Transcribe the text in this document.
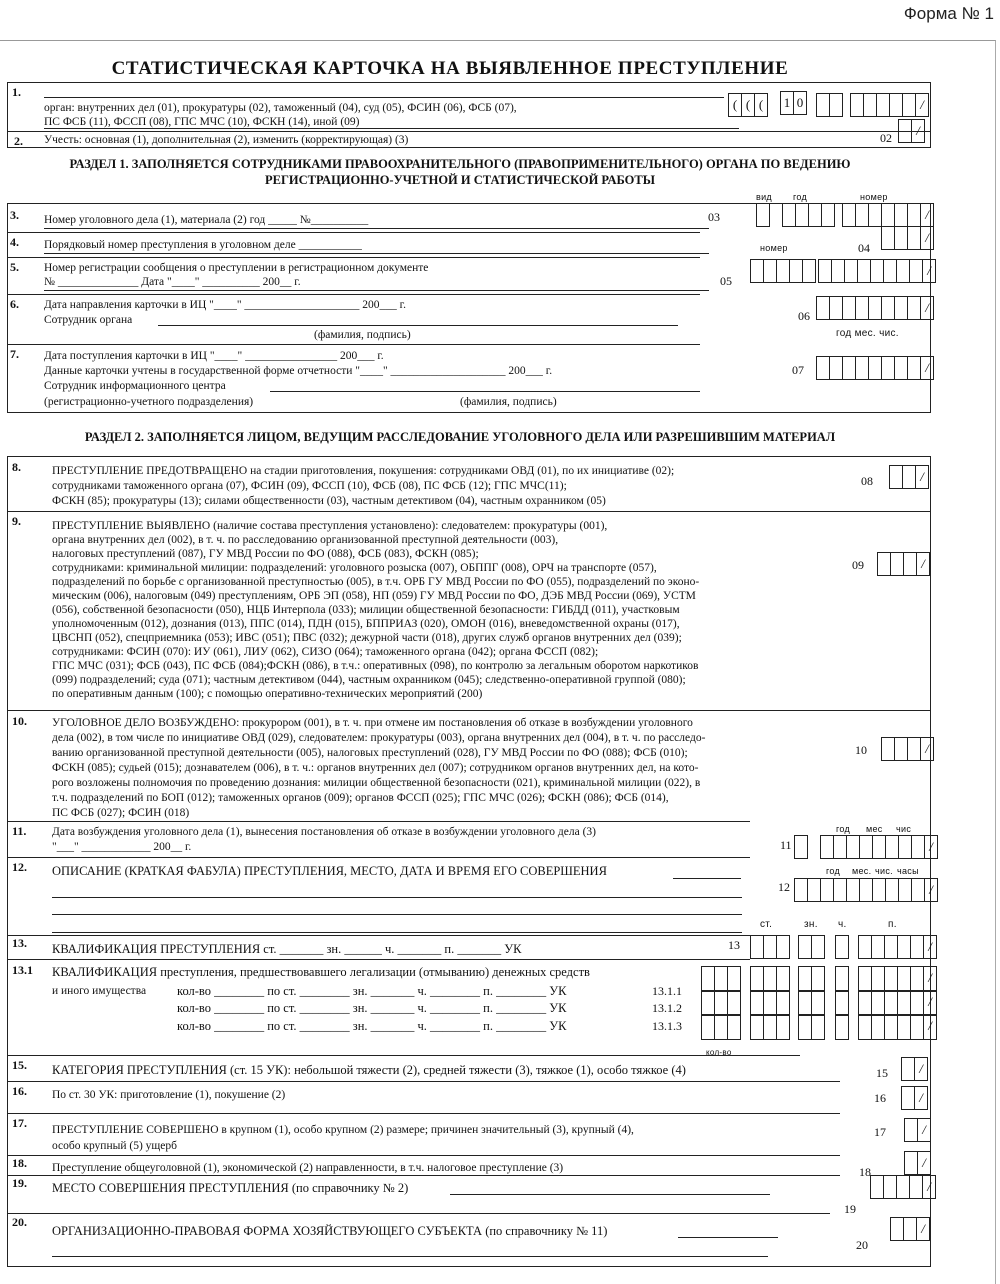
Форма № 1
СТАТИСТИЧЕСКАЯ КАРТОЧКА НА ВЫЯВЛЕННОЕ ПРЕСТУПЛЕНИЕ
1.
орган: внутренних дел (01), прокуратуры (02), таможенный (04), суд (05), ФСИН (06), ФСБ (07),
ПС ФСБ (11), ФССП (08), ГПС МЧС (10), ФСКН (14), иной (09)
( ( (	1 0
/
2. Учесть: основная (1), дополнительная (2), изменить (корректирующая) (3)	02
/
РАЗДЕЛ 1. ЗАПОЛНЯЕТСЯ СОТРУДНИКАМИ ПРАВООХРАНИТЕЛЬНОГО (ПРАВОПРИМЕНИТЕЛЬНОГО) ОРГАНА ПО ВЕДЕНИЮ
РЕГИСТРАЦИОННО-УЧЕТНОЙ И СТАТИСТИЧЕСКОЙ РАБОТЫ
вид год	номер
3. Номер уголовного дела (1), материала (2) год _____ №__________	03
/
4. Порядковый номер преступления в уголовном деле ___________	04
/
номер
5. Номер регистрации сообщения о преступлении в регистрационном документе
№ ______________ Дата "____" __________ 200__ г.	05
/
6. Дата направления карточки в ИЦ "____" ____________________ 200___ г.
Сотрудник органа
(фамилия, подпись)
06
/
год мес. чис.
7. Дата поступления карточки в ИЦ "____" ________________ 200___ г.
Данные карточки учтены в государственной форме отчетности "____" ____________________ 200___ г.
Сотрудник информационного центра
(регистрационно-учетного подразделения)	(фамилия, подпись)
07
/
РАЗДЕЛ 2. ЗАПОЛНЯЕТСЯ ЛИЦОМ, ВЕДУЩИМ РАССЛЕДОВАНИЕ УГОЛОВНОГО ДЕЛА ИЛИ РАЗРЕШИВШИМ МАТЕРИАЛ
8.	ПРЕСТУПЛЕНИЕ ПРЕДОТВРАЩЕНО на стадии приготовления, покушения: сотрудниками ОВД (01), по их инициативе (02);
сотрудниками таможенного органа (07), ФСИН (09), ФССП (10), ФСБ (08), ПС ФСБ (12); ГПС МЧС(11);
ФСКН (85); прокуратуры (13); силами общественности (03), частным детективом (04), частным охранником (05)
08
/
9.	ПРЕСТУПЛЕНИЕ ВЫЯВЛЕНО (наличие состава преступления установлено): следователем: прокуратуры (001),
органа внутренних дел (002), в т. ч. по расследованию организованной преступной деятельности (003),
налоговых преступлений (087), ГУ МВД России по ФО (088), ФСБ (083), ФСКН (085);
сотрудниками: криминальной милиции: подразделений: уголовного розыска (007), ОБППГ (008), ОРЧ на транспорте (057),
подразделений по борьбе с организованной преступностью (005), в т.ч. ОРБ ГУ МВД России по ФО (055), подразделений по эконо-
мическим (006), налоговым (049) преступлениям, ОРБ ЭП (058), НП (059) ГУ МВД России по ФО, ДЭБ МВД России (069), УСТМ
(056), собственной безопасности (050), НЦБ Интерпола (033); милиции общественной безопасности: ГИБДД (011), участковым
уполномоченным (012), дознания (013), ППС (014), ПДН (015), БППРИАЗ (020), ОМОН (016), вневедомственной охраны (017),
ЦВСНП (052), спецприемника (053); ИВС (051); ПВС (032); дежурной части (018), других служб органов внутренних дел (039);
сотрудниками: ФСИН (070): ИУ (061), ЛИУ (062), СИЗО (064); таможенного органа (042); органа ФССП (082);
ГПС МЧС (031); ФСБ (043), ПС ФСБ (084);ФСКН (086), в т.ч.: оперативных (098), по контролю за легальным оборотом наркотиков
(099) подразделений; суда (071); частным детективом (044), частным охранником (045); следственно-оперативной группой (080);
по оперативным данным (100); с помощью оперативно-технических мероприятий (200)
09
/
10. УГОЛОВНОЕ ДЕЛО ВОЗБУЖДЕНО: прокурором (001), в т. ч. при отмене им постановления об отказе в возбуждении уголовного
дела (002), в том числе по инициативе ОВД (029), следователем: прокуратуры (003), органа внутренних дел (004), в т. ч. по расследо-
ванию организованной преступной деятельности (005), налоговых преступлений (028), ГУ МВД России по ФО (088); ФСБ (010);
ФСКН (085); судьей (015); дознавателем (006), в т. ч.: органов внутренних дел (007); сотрудником органов внутренних дел, на кото-
рого возложены полномочия по проведению дознания: милиции общественной безопасности (021), криминальной милиции (022), в
т.ч. подразделений по БОП (012); таможенных органов (009); органов ФССП (025); ГПС МЧС (026); ФСКН (086); ФСБ (014),
ПС ФСБ (027); ФСИН (018)
10
/
11. Дата возбуждения уголовного дела (1), вынесения постановления об отказе в возбуждении уголовного дела (3)
"___" ____________ 200__ г.
год мес чис
11
/
12. ОПИСАНИЕ (КРАТКАЯ ФАБУЛА) ПРЕСТУПЛЕНИЯ, МЕСТО, ДАТА И ВРЕМЯ ЕГО СОВЕРШЕНИЯ	год мес. чис. часы
12
/
ст.	зн. ч.	п.
13. КВАЛИФИКАЦИЯ ПРЕСТУПЛЕНИЯ ст. _______ зн. ______ ч. _______ п. _______ УК	13
/
13.1 КВАЛИФИКАЦИЯ преступления, предшествовавшего легализации (отмыванию) денежных средств
и иного имущества кол-во ________ по ст. ________ зн. _______ ч. ________ п. ________ УК	13.1.1
кол-во ________ по ст. ________ зн. _______ ч. ________ п. ________ УК	13.1.2
кол-во ________ по ст. ________ зн. _______ ч. ________ п. ________ УК	13.1.3
/
/
/
кол-во
15. КАТЕГОРИЯ ПРЕСТУПЛЕНИЯ (ст. 15 УК): небольшой тяжести (2), средней тяжести (3), тяжкое (1), особо тяжкое (4)	15
/
16. По ст. 30 УК: приготовление (1), покушение (2)	16
/
17. ПРЕСТУПЛЕНИЕ СОВЕРШЕНО в крупном (1), особо крупном (2) размере; причинен значительный (3), крупный (4),
особо крупный (5) ущерб
17
/
18. Преступление общеуголовной (1), экономической (2) направленности, в т.ч. налоговое преступление (3)	18
/
19. МЕСТО СОВЕРШЕНИЯ ПРЕСТУПЛЕНИЯ (по справочнику № 2)
19
/
20.
ОРГАНИЗАЦИОННО-ПРАВОВАЯ ФОРМА ХОЗЯЙСТВУЮЩЕГО СУБЪЕКТА (по справочнику № 11)
20
/
